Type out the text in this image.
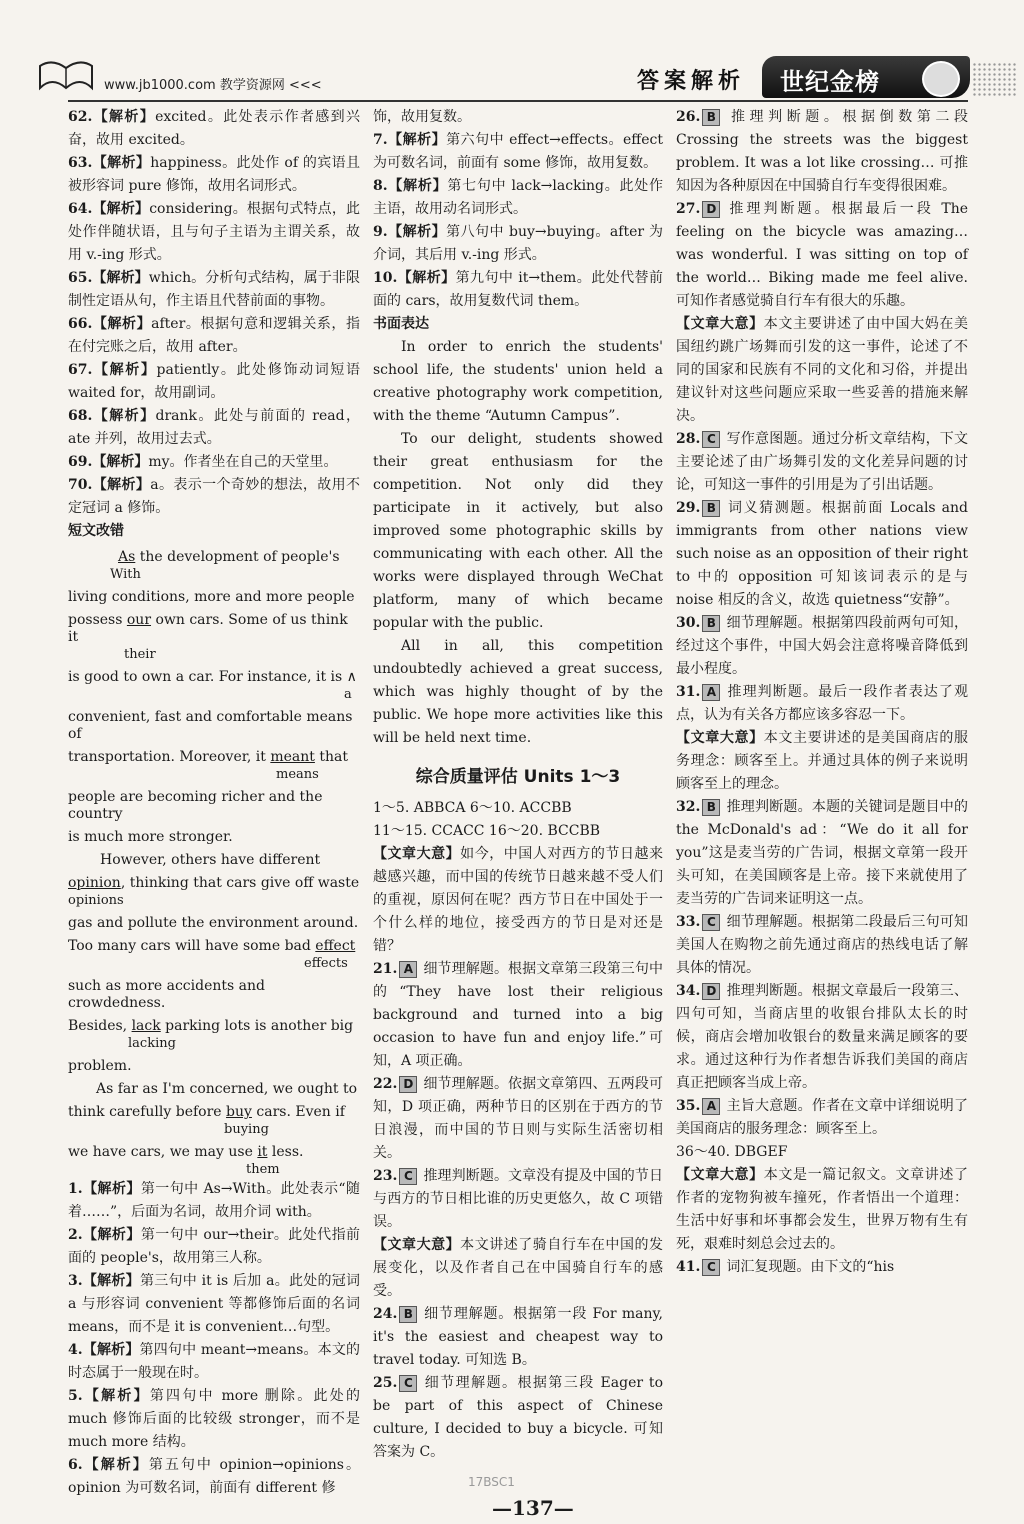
www.jb1000.com 教学资源网 <<<	答案解析 世纪金榜

62.【解析】excited。此处表示作者感到兴奋，故用 excited。

63.【解析】happiness。此处作 of 的宾语且被形容词 pure 修饰，故用名词形式。

64.【解析】considering。根据句式特点，此处作伴随状语，且与句子主语为主谓关系，故用 v.-ing 形式。

65.【解析】which。分析句式结构，属于非限制性定语从句，作主语且代替前面的事物。

66.【解析】after。根据句意和逻辑关系，指在付完账之后，故用 after。

67.【解析】patiently。此处修饰动词短语 waited for，故用副词。

68.【解析】drank。此处与前面的 read，ate 并列，故用过去式。

69.【解析】my。作者坐在自己的天堂里。

70.【解析】a。表示一个奇妙的想法，故用不定冠词 a 修饰。

短文改错

As the development of people's
With
living conditions, more and more people
possess our own cars. Some of us think it
their
is good to own a car. For instance, it is ∧
a
convenient, fast and comfortable means of
transportation. Moreover, it meant that
means
people are becoming richer and the country
is much more stronger.
However, others have different
opinion, thinking that cars give off waste
opinions
gas and pollute the environment around.
Too many cars will have some bad effect
effects
such as more accidents and crowdedness.
Besides, lack parking lots is another big
lacking
problem.
As far as I'm concerned, we ought to
think carefully before buy cars. Even if
buying
we have cars, we may use it less.
them

1.【解析】第一句中 As→With。此处表示“随着……”，后面为名词，故用介词 with。

2.【解析】第一句中 our→their。此处代指前面的 people's，故用第三人称。

3.【解析】第三句中 it is 后加 a。此处的冠词 a 与形容词 convenient 等都修饰后面的名词 means，而不是 it is convenient…句型。

4.【解析】第四句中 meant→means。本文的时态属于一般现在时。

5.【解析】第四句中 more 删除。此处的 much 修饰后面的比较级 stronger，而不是 much more 结构。

6.【解析】第五句中 opinion→opinions。opinion 为可数名词，前面有 different 修

饰，故用复数。

7.【解析】第六句中 effect→effects。effect 为可数名词，前面有 some 修饰，故用复数。

8.【解析】第七句中 lack→lacking。此处作主语，故用动名词形式。

9.【解析】第八句中 buy→buying。after 为介词，其后用 v.-ing 形式。

10.【解析】第九句中 it→them。此处代替前面的 cars，故用复数代词 them。

书面表达

In order to enrich the students' school life, the students' union held a creative photography work competition, with the theme “Autumn Campus”.

To our delight, students showed their great enthusiasm for the competition. Not only did they participate in it actively, but also improved some photographic skills by communicating with each other. All the works were displayed through WeChat platform, many of which became popular with the public.

All in all, this competition undoubtedly achieved a great success, which was highly thought of by the public. We hope more activities like this will be held next time.

综合质量评估 Units 1～3

1～5. ABBCA 6～10. ACCBB

11～15. CCACC 16～20. BCCBB

【文章大意】如今，中国人对西方的节日越来越感兴趣，而中国的传统节日越来越不受人们的重视，原因何在呢？西方节日在中国处于一个什么样的地位，接受西方的节日是对还是错？

21. A 细节理解题。根据文章第三段第三句中的“They have lost their religious background and turned into a big occasion to have fun and enjoy life.”可知，A 项正确。

22. D 细节理解题。依据文章第四、五两段可知，D 项正确，两种节日的区别在于西方的节日浪漫，而中国的节日则与实际生活密切相关。

23. C 推理判断题。文章没有提及中国的节日与西方的节日相比谁的历史更悠久，故 C 项错误。

【文章大意】本文讲述了骑自行车在中国的发展变化，以及作者自己在中国骑自行车的感受。

24. B 细节理解题。根据第一段 For many, it's the easiest and cheapest way to travel today. 可知选 B。

25. C 细节理解题。根据第三段 Eager to be part of this aspect of Chinese culture, I decided to buy a bicycle. 可知答案为 C。

26. B 推理判断题。根据倒数第二段 Crossing the streets was the biggest problem. It was a lot like crossing… 可推知因为各种原因在中国骑自行车变得很困难。

27. D 推理判断题。根据最后一段 The feeling on the bicycle was amazing… was wonderful. I was sitting on top of the world… Biking made me feel alive. 可知作者感觉骑自行车有很大的乐趣。

【文章大意】本文主要讲述了由中国大妈在美国纽约跳广场舞而引发的这一事件，论述了不同的国家和民族有不同的文化和习俗，并提出建议针对这些问题应采取一些妥善的措施来解决。

28. C 写作意图题。通过分析文章结构，下文主要论述了由广场舞引发的文化差异问题的讨论，可知这一事件的引用是为了引出话题。

29. B 词义猜测题。根据前面 Locals and immigrants from other nations view such noise as an opposition of their right to 中的 opposition 可知该词表示的是与 noise 相反的含义，故选 quietness“安静”。

30. B 细节理解题。根据第四段前两句可知，经过这个事件，中国大妈会注意将噪音降低到最小程度。

31. A 推理判断题。最后一段作者表达了观点，认为有关各方都应该多容忍一下。

【文章大意】本文主要讲述的是美国商店的服务理念：顾客至上。并通过具体的例子来说明顾客至上的理念。

32. B 推理判断题。本题的关键词是题目中的 the McDonald's ad：“We do it all for you”这是麦当劳的广告词，根据文章第一段开头可知，在美国顾客是上帝。接下来就使用了麦当劳的广告词来证明这一点。

33. C 细节理解题。根据第二段最后三句可知美国人在购物之前先通过商店的热线电话了解具体的情况。

34. D 推理判断题。根据文章最后一段第三、四句可知，当商店里的收银台排队太长的时候，商店会增加收银台的数量来满足顾客的要求。通过这种行为作者想告诉我们美国的商店真正把顾客当成上帝。

35. A 主旨大意题。作者在文章中详细说明了美国商店的服务理念：顾客至上。

36～40. DBGEF

【文章大意】本文是一篇记叙文。文章讲述了作者的宠物狗被车撞死，作者悟出一个道理：生活中好事和坏事都会发生，世界万物有生有死，艰难时刻总会过去的。

41. C 词汇复现题。由下文的“his

17BSC1
—137—
